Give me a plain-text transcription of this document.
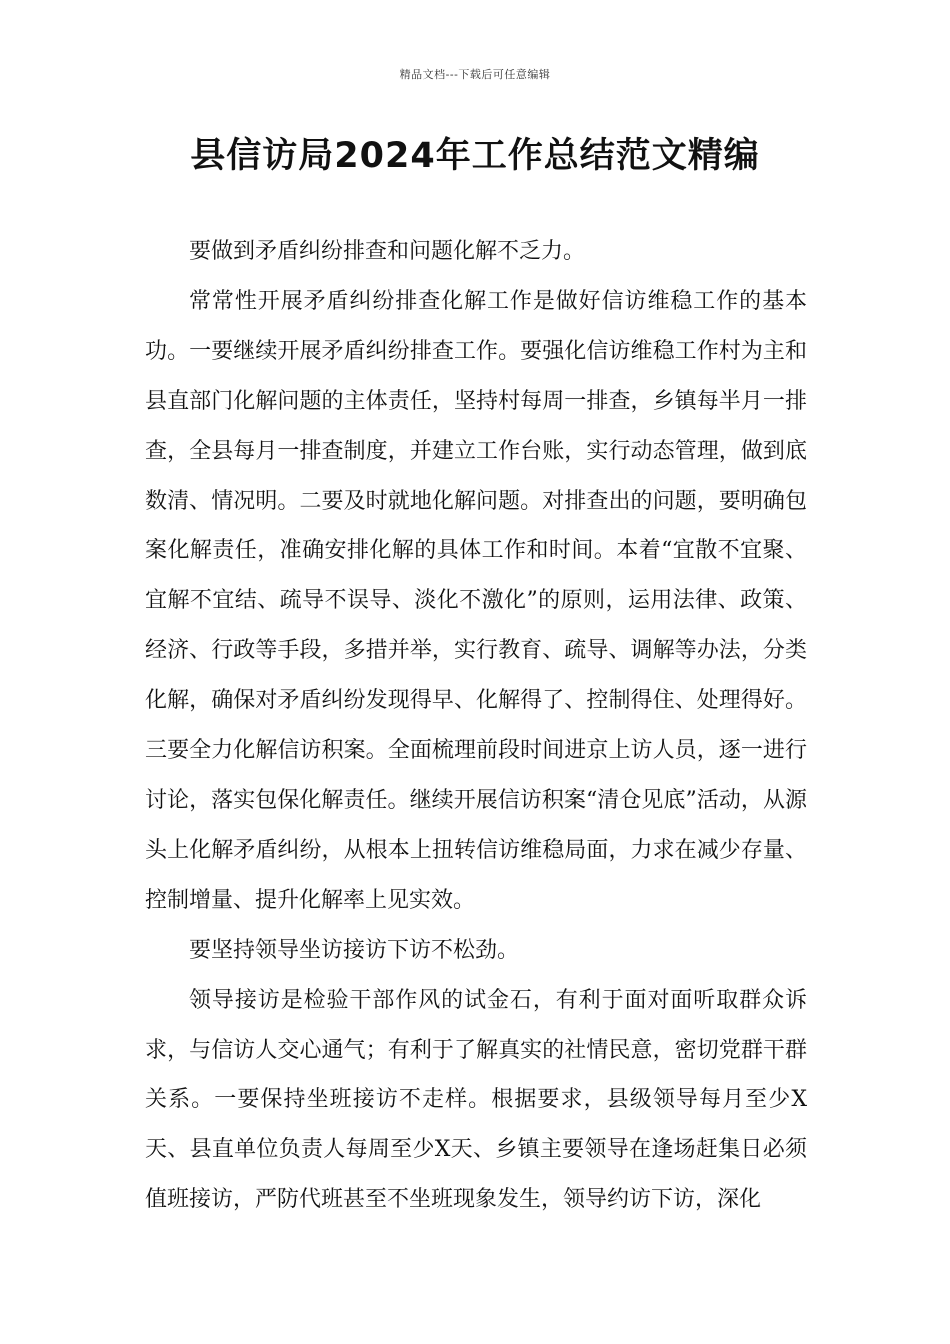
精品文档---下载后可任意编辑
县信访局2024年工作总结范文精编

要做到矛盾纠纷排查和问题化解不乏力。

常常性开展矛盾纠纷排查化解工作是做好信访维稳工作的基本功。一要继续开展矛盾纠纷排查工作。要强化信访维稳工作村为主和县直部门化解问题的主体责任，坚持村每周一排查，乡镇每半月一排查，全县每月一排查制度，并建立工作台账，实行动态管理，做到底数清、情况明。二要及时就地化解问题。对排查出的问题，要明确包案化解责任，准确安排化解的具体工作和时间。本着“宜散不宜聚、宜解不宜结、疏导不误导、淡化不激化”的原则，运用法律、政策、经济、行政等手段，多措并举，实行教育、疏导、调解等办法，分类化解，确保对矛盾纠纷发现得早、化解得了、控制得住、处理得好。三要全力化解信访积案。全面梳理前段时间进京上访人员，逐一进行讨论，落实包保化解责任。继续开展信访积案“清仓见底”活动，从源头上化解矛盾纠纷，从根本上扭转信访维稳局面，力求在减少存量、控制增量、提升化解率上见实效。

要坚持领导坐访接访下访不松劲。

领导接访是检验干部作风的试金石，有利于面对面听取群众诉求，与信访人交心通气；有利于了解真实的社情民意，密切党群干群关系。一要保持坐班接访不走样。根据要求，县级领导每月至少X天、县直单位负责人每周至少X天、乡镇主要领导在逢场赶集日必须值班接访，严防代班甚至不坐班现象发生，领导约访下访，深化
